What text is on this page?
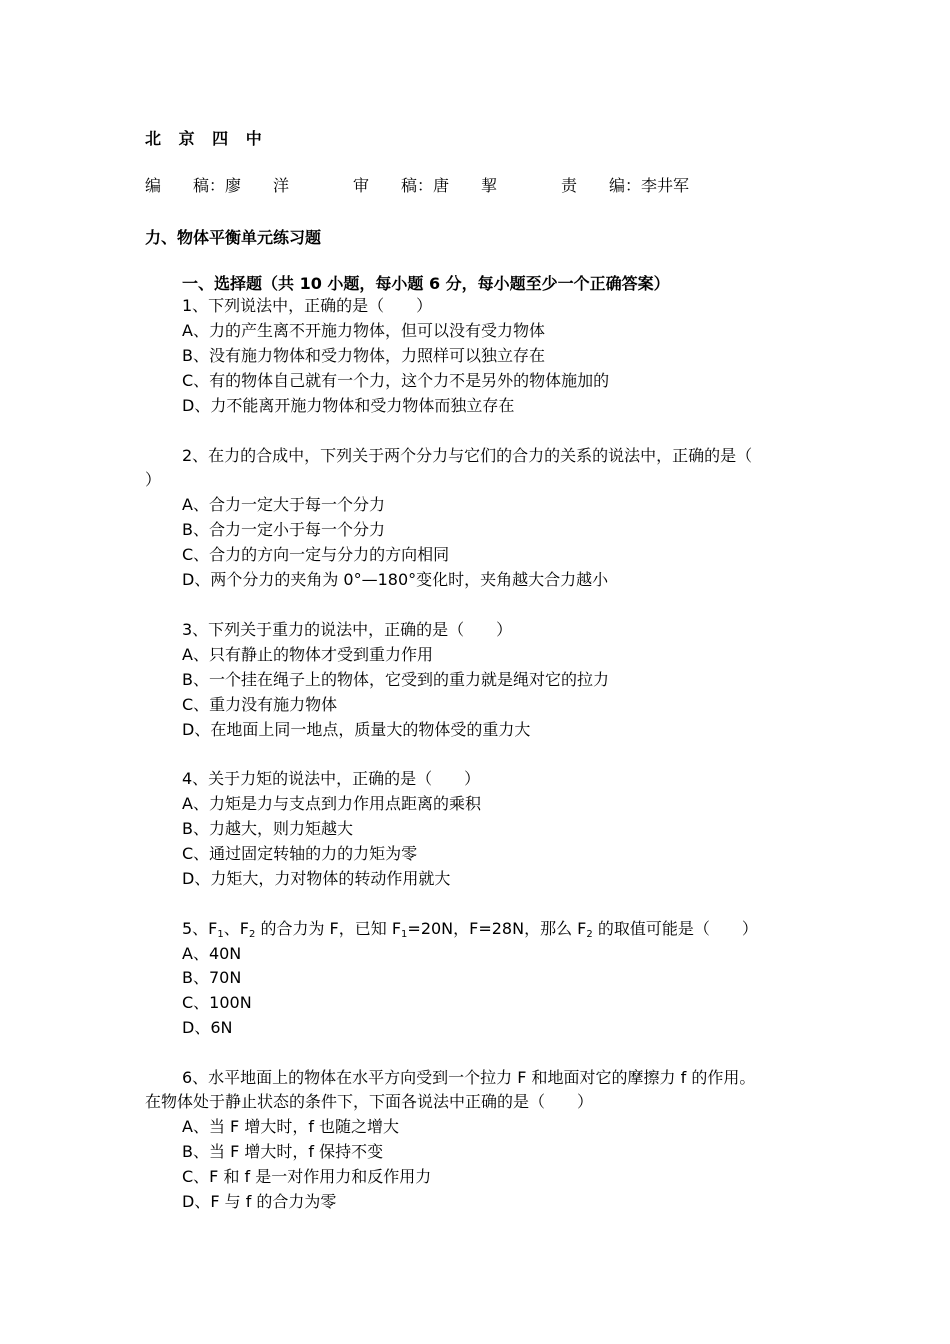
北 京 四 中
编　　稿：廖　　洋　　　　审　　稿：唐　　挈　　　　责　　编：李井军
力、物体平衡单元练习题
一、选择题（共 10 小题，每小题 6 分，每小题至少一个正确答案）
1、下列说法中，正确的是（　　）
A、力的产生离不开施力物体，但可以没有受力物体
B、没有施力物体和受力物体，力照样可以独立存在
C、有的物体自己就有一个力，这个力不是另外的物体施加的
D、力不能离开施力物体和受力物体而独立存在
2、在力的合成中，下列关于两个分力与它们的合力的关系的说法中，正确的是（
）
A、合力一定大于每一个分力
B、合力一定小于每一个分力
C、合力的方向一定与分力的方向相同
D、两个分力的夹角为 0°—180°变化时，夹角越大合力越小
3、下列关于重力的说法中，正确的是（　　）
A、只有静止的物体才受到重力作用
B、一个挂在绳子上的物体，它受到的重力就是绳对它的拉力
C、重力没有施力物体
D、在地面上同一地点，质量大的物体受的重力大
4、关于力矩的说法中，正确的是（　　）
A、力矩是力与支点到力作用点距离的乘积
B、力越大，则力矩越大
C、通过固定转轴的力的力矩为零
D、力矩大，力对物体的转动作用就大
5、$F_1$、$F_2$ 的合力为 F，已知 $F_1=20N$，F=28N，那么 $F_2$ 的取值可能是（　　）
A、40N
B、70N
C、100N
D、6N
6、水平地面上的物体在水平方向受到一个拉力 F 和地面对它的摩擦力 f 的作用。
在物体处于静止状态的条件下，下面各说法中正确的是（　　）
A、当 F 增大时，f 也随之增大
B、当 F 增大时，f 保持不变
C、F 和 f 是一对作用力和反作用力
D、F 与 f 的合力为零
